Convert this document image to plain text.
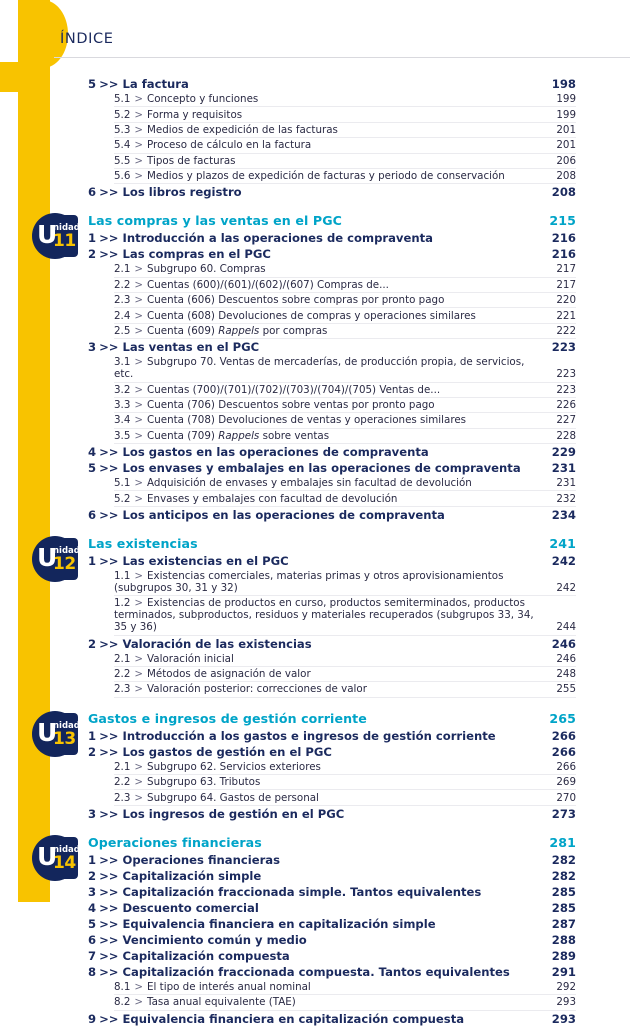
ÍNDICE
5 >> La factura	198
5.1 > Concepto y funciones	199
5.2 > Forma y requisitos	199
5.3 > Medios de expedición de las facturas	201
5.4 > Proceso de cálculo en la factura	201
5.5 > Tipos de facturas	206
5.6 > Medios y plazos de expedición de facturas y periodo de conservación	208
6 >> Los libros registro	208
U
nidad
11
Las compras y las ventas en el PGC	215
1 >> Introducción a las operaciones de compraventa	216
2 >> Las compras en el PGC	216
2.1 > Subgrupo 60. Compras	217
2.2 > Cuentas (600)/(601)/(602)/(607) Compras de...	217
2.3 > Cuenta (606) Descuentos sobre compras por pronto pago	220
2.4 > Cuenta (608) Devoluciones de compras y operaciones similares	221
2.5 > Cuenta (609) Rappels por compras	222
3 >> Las ventas en el PGC	223
3.1 > Subgrupo 70. Ventas de mercaderías, de producción propia, de servicios, etc.	223
3.2 > Cuentas (700)/(701)/(702)/(703)/(704)/(705) Ventas de...	223
3.3 > Cuenta (706) Descuentos sobre ventas por pronto pago	226
3.4 > Cuenta (708) Devoluciones de ventas y operaciones similares	227
3.5 > Cuenta (709) Rappels sobre ventas	228
4 >> Los gastos en las operaciones de compraventa	229
5 >> Los envases y embalajes en las operaciones de compraventa	231
5.1 > Adquisición de envases y embalajes sin facultad de devolución	231
5.2 > Envases y embalajes con facultad de devolución	232
6 >> Los anticipos en las operaciones de compraventa	234
U
nidad
12
Las existencias	241
1 >> Las existencias en el PGC	242
1.1 > Existencias comerciales, materias primas y otros aprovisionamientos (subgrupos 30, 31 y 32)	242
1.2 > Existencias de productos en curso, productos semiterminados, productos terminados, subproductos, residuos y materiales recuperados (subgrupos 33, 34, 35 y 36)	244
2 >> Valoración de las existencias	246
2.1 > Valoración inicial	246
2.2 > Métodos de asignación de valor	248
2.3 > Valoración posterior: correcciones de valor	255
U
nidad
13
Gastos e ingresos de gestión corriente	265
1 >> Introducción a los gastos e ingresos de gestión corriente	266
2 >> Los gastos de gestión en el PGC	266
2.1 > Subgrupo 62. Servicios exteriores	266
2.2 > Subgrupo 63. Tributos	269
2.3 > Subgrupo 64. Gastos de personal	270
3 >> Los ingresos de gestión en el PGC	273
U
nidad
14
Operaciones financieras	281
1 >> Operaciones financieras	282
2 >> Capitalización simple	282
3 >> Capitalización fraccionada simple. Tantos equivalentes	285
4 >> Descuento comercial	285
5 >> Equivalencia financiera en capitalización simple	287
6 >> Vencimiento común y medio	288
7 >> Capitalización compuesta	289
8 >> Capitalización fraccionada compuesta. Tantos equivalentes	291
8.1 > El tipo de interés anual nominal	292
8.2 > Tasa anual equivalente (TAE)	293
9 >> Equivalencia financiera en capitalización compuesta	293
